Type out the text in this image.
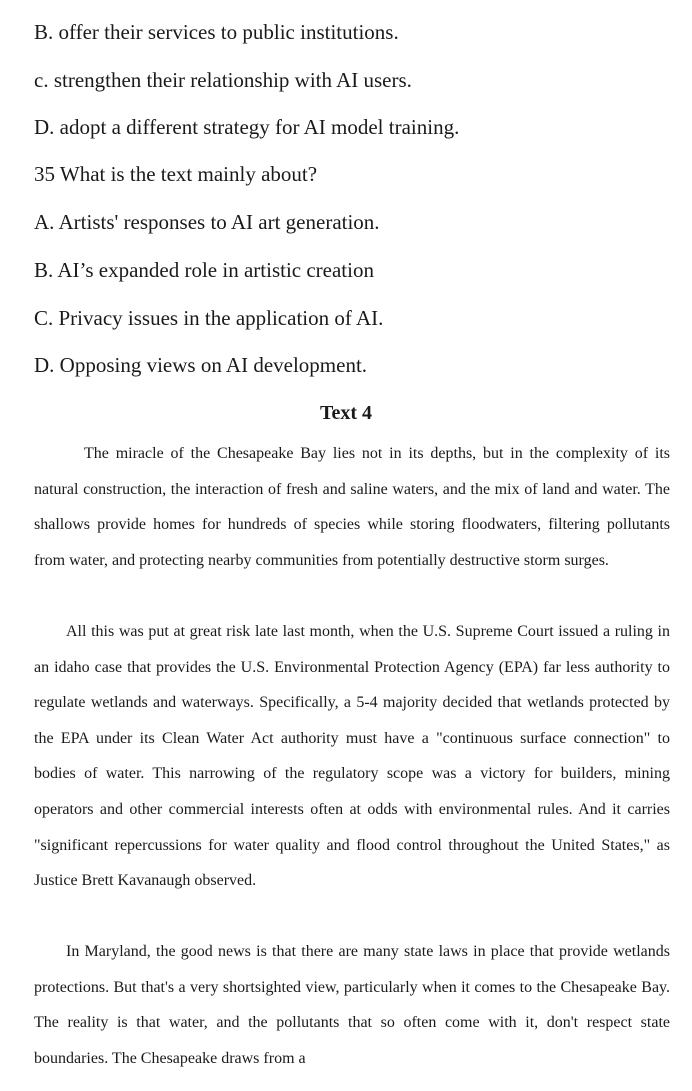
B. offer their services to public institutions.
c. strengthen their relationship with AI users.
D. adopt a different strategy for AI model training.
35 What is the text mainly about?
A. Artists' responses to AI art generation.
B. AI’s expanded role in artistic creation
C. Privacy issues in the application of AI.
D. Opposing views on AI development.
Text 4

The miracle of the Chesapeake Bay lies not in its depths, but in the complexity of its natural construction, the interaction of fresh and saline waters, and the mix of land and water. The shallows provide homes for hundreds of species while storing floodwaters, filtering pollutants from water, and protecting nearby communities from potentially destructive storm surges.

All this was put at great risk late last month, when the U.S. Supreme Court issued a ruling in an idaho case that provides the U.S. Environmental Protection Agency (EPA) far less authority to regulate wetlands and waterways. Specifically, a 5-4 majority decided that wetlands protected by the EPA under its Clean Water Act authority must have a "continuous surface connection" to bodies of water. This narrowing of the regulatory scope was a victory for builders, mining operators and other commercial interests often at odds with environmental rules. And it carries "significant repercussions for water quality and flood control throughout the United States," as Justice Brett Kavanaugh observed.

In Maryland, the good news is that there are many state laws in place that provide wetlands protections. But that's a very shortsighted view, particularly when it comes to the Chesapeake Bay. The reality is that water, and the pollutants that so often come with it, don't respect state boundaries. The Chesapeake draws from a
